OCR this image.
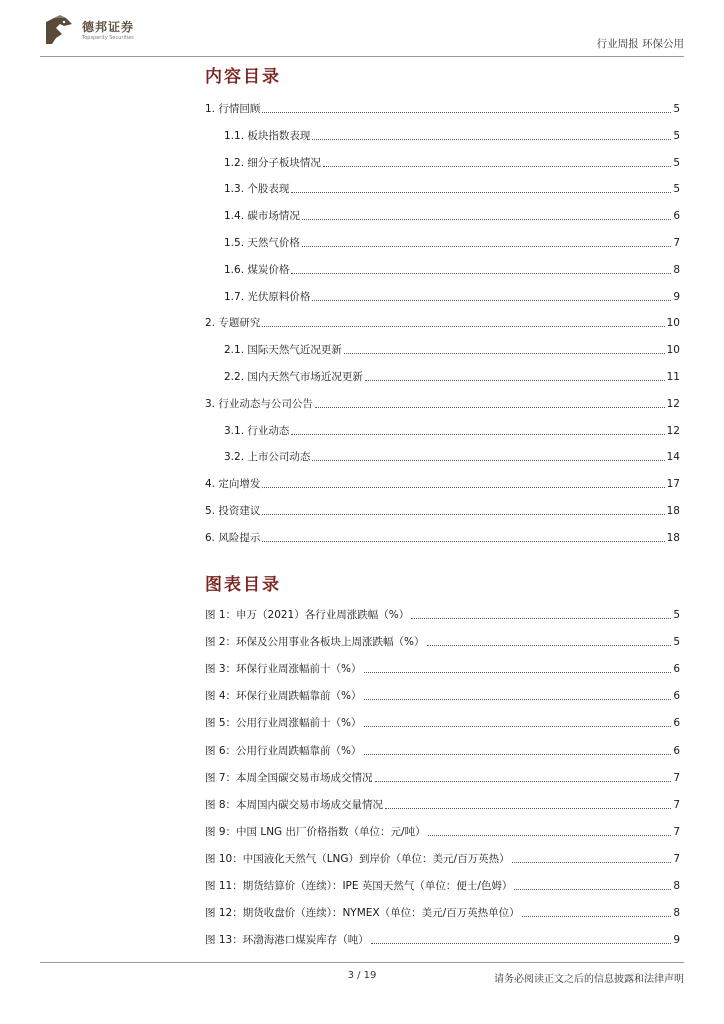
德邦证券
Topsperity Securities	行业周报 环保公用
内容目录
1. 行情回顾	5
1.1. 板块指数表现	5
1.2. 细分子板块情况	5
1.3. 个股表现	5
1.4. 碳市场情况	6
1.5. 天然气价格	7
1.6. 煤炭价格	8
1.7. 光伏原料价格	9
2. 专题研究	10
2.1. 国际天然气近况更新	10
2.2. 国内天然气市场近况更新	11
3. 行业动态与公司公告	12
3.1. 行业动态	12
3.2. 上市公司动态	14
4. 定向增发	17
5. 投资建议	18
6. 风险提示	18
图表目录
图 1：申万（2021）各行业周涨跌幅（%）	5
图 2：环保及公用事业各板块上周涨跌幅（%）	5
图 3：环保行业周涨幅前十（%）	6
图 4：环保行业周跌幅靠前（%）	6
图 5：公用行业周涨幅前十（%）	6
图 6：公用行业周跌幅靠前（%）	6
图 7：本周全国碳交易市场成交情况	7
图 8：本周国内碳交易市场成交量情况	7
图 9：中国 LNG 出厂价格指数（单位：元/吨）	7
图 10：中国液化天然气（LNG）到岸价（单位：美元/百万英热）	7
图 11：期货结算价（连续）：IPE 英国天然气（单位：便士/色姆）	8
图 12：期货收盘价（连续）：NYMEX（单位：美元/百万英热单位）	8
图 13：环渤海港口煤炭库存（吨）	9
3 / 19	请务必阅读正文之后的信息披露和法律声明
